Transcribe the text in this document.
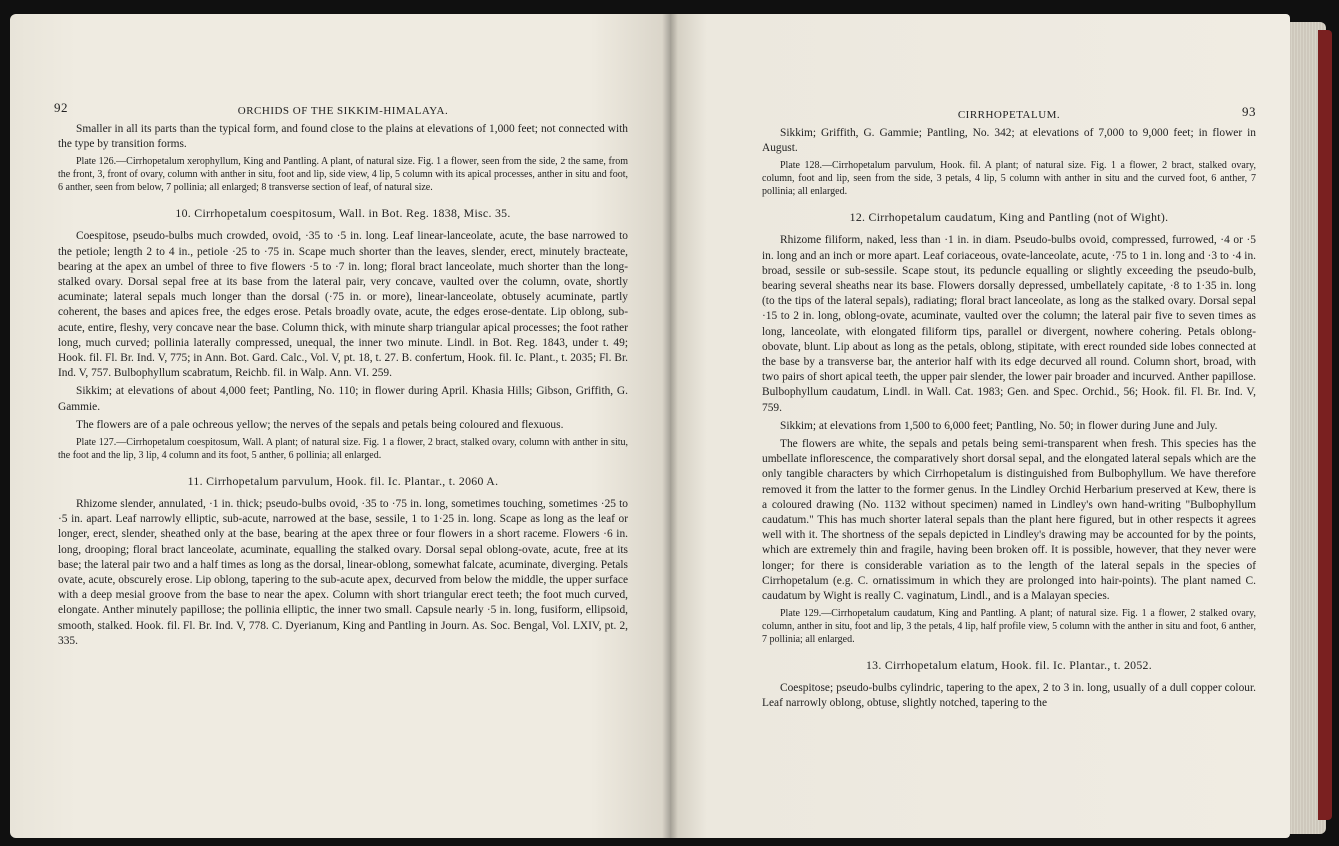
92	ORCHIDS OF THE SIKKIM-HIMALAYA.

Smaller in all its parts than the typical form, and found close to the plains at elevations of 1,000 feet; not connected with the type by transition forms.

Plate 126.—Cirrhopetalum xerophyllum, King and Pantling. A plant, of natural size. Fig. 1 a flower, seen from the side, 2 the same, from the front, 3, front of ovary, column with anther in situ, foot and lip, side view, 4 lip, 5 column with its apical processes, anther in situ and foot, 6 anther, seen from below, 7 pollinia; all enlarged; 8 transverse section of leaf, of natural size.

10. Cirrhopetalum coespitosum, Wall. in Bot. Reg. 1838, Misc. 35.

Coespitose, pseudo-bulbs much crowded, ovoid, ·35 to ·5 in. long. Leaf linear-lanceolate, acute, the base narrowed to the petiole; length 2 to 4 in., petiole ·25 to ·75 in. Scape much shorter than the leaves, slender, erect, minutely bracteate, bearing at the apex an umbel of three to five flowers ·5 to ·7 in. long; floral bract lanceolate, much shorter than the long-stalked ovary. Dorsal sepal free at its base from the lateral pair, very concave, vaulted over the column, ovate, shortly acuminate; lateral sepals much longer than the dorsal (·75 in. or more), linear-lanceolate, obtusely acuminate, partly coherent, the bases and apices free, the edges erose. Petals broadly ovate, acute, the edges erose-dentate. Lip oblong, sub-acute, entire, fleshy, very concave near the base. Column thick, with minute sharp triangular apical processes; the foot rather long, much curved; pollinia laterally compressed, unequal, the inner two minute. Lindl. in Bot. Reg. 1843, under t. 49; Hook. fil. Fl. Br. Ind. V, 775; in Ann. Bot. Gard. Calc., Vol. V, pt. 18, t. 27. B. confertum, Hook. fil. Ic. Plant., t. 2035; Fl. Br. Ind. V, 757. Bulbophyllum scabratum, Reichb. fil. in Walp. Ann. VI. 259.

Sikkim; at elevations of about 4,000 feet; Pantling, No. 110; in flower during April. Khasia Hills; Gibson, Griffith, G. Gammie.

The flowers are of a pale ochreous yellow; the nerves of the sepals and petals being coloured and flexuous.

Plate 127.—Cirrhopetalum coespitosum, Wall. A plant; of natural size. Fig. 1 a flower, 2 bract, stalked ovary, column with anther in situ, the foot and the lip, 3 lip, 4 column and its foot, 5 anther, 6 pollinia; all enlarged.

11. Cirrhopetalum parvulum, Hook. fil. Ic. Plantar., t. 2060 A.

Rhizome slender, annulated, ·1 in. thick; pseudo-bulbs ovoid, ·35 to ·75 in. long, sometimes touching, sometimes ·25 to ·5 in. apart. Leaf narrowly elliptic, sub-acute, narrowed at the base, sessile, 1 to 1·25 in. long. Scape as long as the leaf or longer, erect, slender, sheathed only at the base, bearing at the apex three or four flowers in a short raceme. Flowers ·6 in. long, drooping; floral bract lanceolate, acuminate, equalling the stalked ovary. Dorsal sepal oblong-ovate, acute, free at its base; the lateral pair two and a half times as long as the dorsal, linear-oblong, somewhat falcate, acuminate, diverging. Petals ovate, acute, obscurely erose. Lip oblong, tapering to the sub-acute apex, decurved from below the middle, the upper surface with a deep mesial groove from the base to near the apex. Column with short triangular erect teeth; the foot much curved, elongate. Anther minutely papillose; the pollinia elliptic, the inner two small. Capsule nearly ·5 in. long, fusiform, ellipsoid, smooth, stalked. Hook. fil. Fl. Br. Ind. V, 778. C. Dyerianum, King and Pantling in Journ. As. Soc. Bengal, Vol. LXIV, pt. 2, 335.

CIRRHOPETALUM.	93

Sikkim; Griffith, G. Gammie; Pantling, No. 342; at elevations of 7,000 to 9,000 feet; in flower in August.

Plate 128.—Cirrhopetalum parvulum, Hook. fil. A plant; of natural size. Fig. 1 a flower, 2 bract, stalked ovary, column, foot and lip, seen from the side, 3 petals, 4 lip, 5 column with anther in situ and the curved foot, 6 anther, 7 pollinia; all enlarged.

12. Cirrhopetalum caudatum, King and Pantling (not of Wight).

Rhizome filiform, naked, less than ·1 in. in diam. Pseudo-bulbs ovoid, compressed, furrowed, ·4 or ·5 in. long and an inch or more apart. Leaf coriaceous, ovate-lanceolate, acute, ·75 to 1 in. long and ·3 to ·4 in. broad, sessile or sub-sessile. Scape stout, its peduncle equalling or slightly exceeding the pseudo-bulb, bearing several sheaths near its base. Flowers dorsally depressed, umbellately capitate, ·8 to 1·35 in. long (to the tips of the lateral sepals), radiating; floral bract lanceolate, as long as the stalked ovary. Dorsal sepal ·15 to 2 in. long, oblong-ovate, acuminate, vaulted over the column; the lateral pair five to seven times as long, lanceolate, with elongated filiform tips, parallel or divergent, nowhere cohering. Petals oblong-obovate, blunt. Lip about as long as the petals, oblong, stipitate, with erect rounded side lobes connected at the base by a transverse bar, the anterior half with its edge decurved all round. Column short, broad, with two pairs of short apical teeth, the upper pair slender, the lower pair broader and incurved. Anther papillose. Bulbophyllum caudatum, Lindl. in Wall. Cat. 1983; Gen. and Spec. Orchid., 56; Hook. fil. Fl. Br. Ind. V, 759.

Sikkim; at elevations from 1,500 to 6,000 feet; Pantling, No. 50; in flower during June and July.

The flowers are white, the sepals and petals being semi-transparent when fresh. This species has the umbellate inflorescence, the comparatively short dorsal sepal, and the elongated lateral sepals which are the only tangible characters by which Cirrhopetalum is distinguished from Bulbophyllum. We have therefore removed it from the latter to the former genus. In the Lindley Orchid Herbarium preserved at Kew, there is a coloured drawing (No. 1132 without specimen) named in Lindley's own hand-writing "Bulbophyllum caudatum." This has much shorter lateral sepals than the plant here figured, but in other respects it agrees well with it. The shortness of the sepals depicted in Lindley's drawing may be accounted for by the points, which are extremely thin and fragile, having been broken off. It is possible, however, that they never were longer; for there is considerable variation as to the length of the lateral sepals in the species of Cirrhopetalum (e.g. C. ornatissimum in which they are prolonged into hair-points). The plant named C. caudatum by Wight is really C. vaginatum, Lindl., and is a Malayan species.

Plate 129.—Cirrhopetalum caudatum, King and Pantling. A plant; of natural size. Fig. 1 a flower, 2 stalked ovary, column, anther in situ, foot and lip, 3 the petals, 4 lip, half profile view, 5 column with the anther in situ and foot, 6 anther, 7 pollinia; all enlarged.

13. Cirrhopetalum elatum, Hook. fil. Ic. Plantar., t. 2052.

Coespitose; pseudo-bulbs cylindric, tapering to the apex, 2 to 3 in. long, usually of a dull copper colour. Leaf narrowly oblong, obtuse, slightly notched, tapering to the
